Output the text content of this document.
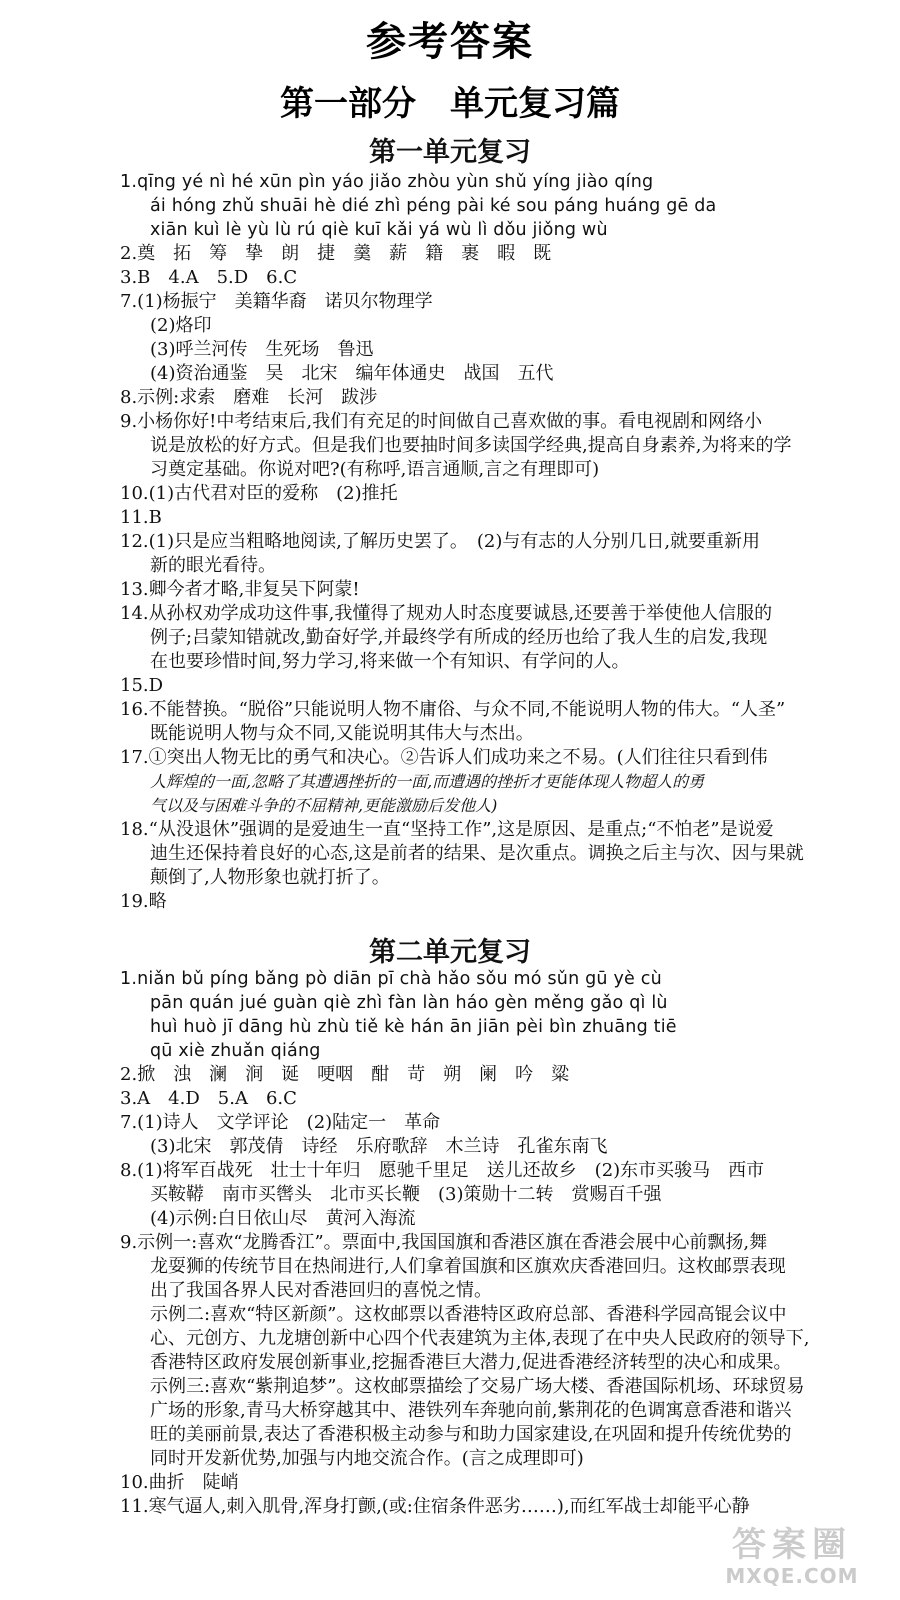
参考答案
第一部分　单元复习篇
第一单元复习
1.qīng yé nì hé xūn pìn yáo jiǎo zhòu yùn shǔ yíng jiào qíng
ái hóng zhǔ shuāi hè dié zhì péng pài ké sou páng huáng gē da
xiān kuì lè yù lù rú qiè kuī kǎi yá wù lì dǒu jiǒng wù
2.奠　拓　筹　挚　朗　捷　羹　薪　籍　裹　暇　既
3.B　4.A　5.D　6.C
7.(1)杨振宁　美籍华裔　诺贝尔物理学
(2)烙印
(3)呼兰河传　生死场　鲁迅
(4)资治通鉴　吴　北宋　编年体通史　战国　五代
8.示例:求索　磨难　长河　跋涉
9.小杨你好!中考结束后,我们有充足的时间做自己喜欢做的事。看电视剧和网络小
说是放松的好方式。但是我们也要抽时间多读国学经典,提高自身素养,为将来的学
习奠定基础。你说对吧?(有称呼,语言通顺,言之有理即可)
10.(1)古代君对臣的爱称　(2)推托
11.B
12.(1)只是应当粗略地阅读,了解历史罢了。　(2)与有志的人分别几日,就要重新用
新的眼光看待。
13.卿今者才略,非复吴下阿蒙!
14.从孙权劝学成功这件事,我懂得了规劝人时态度要诚恳,还要善于举使他人信服的
例子;吕蒙知错就改,勤奋好学,并最终学有所成的经历也给了我人生的启发,我现
在也要珍惜时间,努力学习,将来做一个有知识、有学问的人。
15.D
16.不能替换。“脱俗”只能说明人物不庸俗、与众不同,不能说明人物的伟大。“人圣”
既能说明人物与众不同,又能说明其伟大与杰出。
17.①突出人物无比的勇气和决心。②告诉人们成功来之不易。(人们往往只看到伟
人辉煌的一面,忽略了其遭遇挫折的一面,而遭遇的挫折才更能体现人物超人的勇
气以及与困难斗争的不屈精神,更能激励后发他人)
18.“从没退休”强调的是爱迪生一直“坚持工作”,这是原因、是重点;“不怕老”是说爱
迪生还保持着良好的心态,这是前者的结果、是次重点。调换之后主与次、因与果就
颠倒了,人物形象也就打折了。
19.略
第二单元复习
1.niǎn bǔ píng bǎng pò diān pī chà hǎo sǒu mó sǔn gū yè cù
pān quán jué guàn qiè zhì fàn làn háo gèn měng gǎo qì lù
huì huò jī dāng hù zhù tiě kè hán ān jiān pèi bìn zhuāng tiē
qū xiè zhuǎn qiáng
2.掀　浊　澜　涧　诞　哽咽　酣　苛　朔　阑　吟　粱
3.A　4.D　5.A　6.C
7.(1)诗人　文学评论　(2)陆定一　革命
(3)北宋　郭茂倩　诗经　乐府歌辞　木兰诗　孔雀东南飞
8.(1)将军百战死　壮士十年归　愿驰千里足　送儿还故乡　(2)东市买骏马　西市
买鞍鞯　南市买辔头　北市买长鞭　(3)策勋十二转　赏赐百千强
(4)示例:白日依山尽　黄河入海流
9.示例一:喜欢“龙腾香江”。票面中,我国国旗和香港区旗在香港会展中心前飘扬,舞
龙耍狮的传统节目在热闹进行,人们拿着国旗和区旗欢庆香港回归。这枚邮票表现
出了我国各界人民对香港回归的喜悦之情。
示例二:喜欢“特区新颜”。这枚邮票以香港特区政府总部、香港科学园高锟会议中
心、元创方、九龙塘创新中心四个代表建筑为主体,表现了在中央人民政府的领导下,
香港特区政府发展创新事业,挖掘香港巨大潜力,促进香港经济转型的决心和成果。
示例三:喜欢“紫荆追梦”。这枚邮票描绘了交易广场大楼、香港国际机场、环球贸易
广场的形象,青马大桥穿越其中、港铁列车奔驰向前,紫荆花的色调寓意香港和谐兴
旺的美丽前景,表达了香港积极主动参与和助力国家建设,在巩固和提升传统优势的
同时开发新优势,加强与内地交流合作。(言之成理即可)
10.曲折　陡峭
11.寒气逼人,刺入肌骨,浑身打颤,(或:住宿条件恶劣……),而红军战士却能平心静
答案圈
MXQE.COM
